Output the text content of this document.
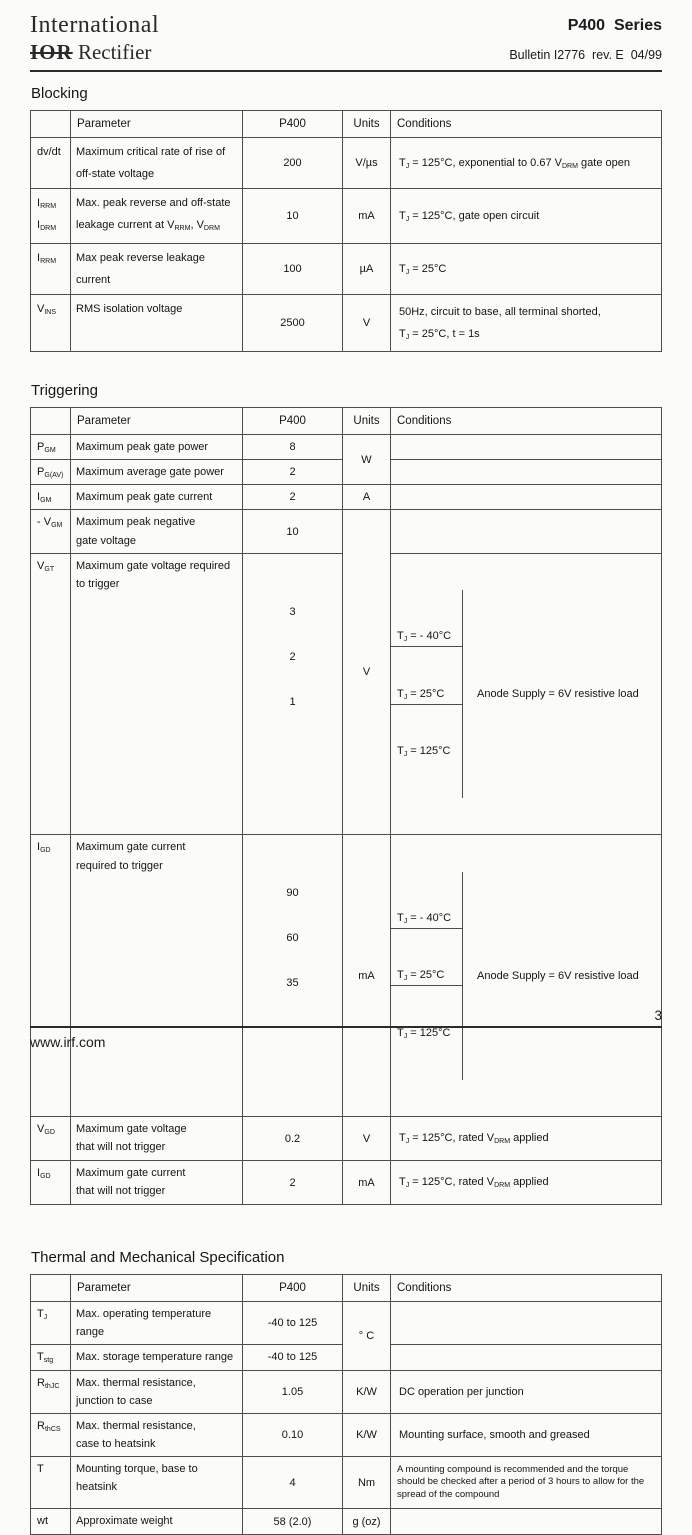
International
IOR Rectifier
P400  Series
Bulletin I2776  rev. E  04/99
Blocking
	Parameter	P400	Units	Conditions
dv/dt	Maximum critical rate of rise of
off-state voltage	200	V/µs	$T_J = 125^\circ C$, exponential to 0.67 $V_{DRM}$ gate open
$I_{RRM}$
$I_{DRM}$	Max. peak reverse and off-state
leakage current at $V_{RRM}$, $V_{DRM}$	10	mA	$T_J = 125^\circ C$, gate open circuit
$I_{RRM}$	Max peak reverse leakage current	100	µA	$T_J = 25^\circ C$
$V_{INS}$	RMS isolation voltage	2500	V	50Hz, circuit to base, all terminal shorted,
$T_J = 25^\circ C$, t = 1s
Triggering
	Parameter	P400	Units	Conditions
$P_{GM}$	Maximum peak gate power	8	W	
$P_{G(AV)}$	Maximum average gate power	2		
$I_{GM}$	Maximum peak gate current	2	A	
- $V_{GM}$	Maximum peak negative
gate voltage	10	V	
$V_{GT}$	Maximum gate voltage required
to trigger	

3

2

1

$T_J$ = - 40°C

$T_J = 25^\circ C$

$T_J = 125^\circ C$

Anode Supply = 6V resistive load

$I_{GD}$	Maximum gate current
required to trigger	

90

60

35

	mA	

$T_J$ = - 40°C

$T_J = 25^\circ C$

$T_J = 125^\circ C$

Anode Supply = 6V resistive load

$V_{GD}$	Maximum gate voltage
that will not trigger	0.2	V	$T_J = 125^\circ C$, rated $V_{DRM}$ applied
$I_{GD}$	Maximum gate current
that will not trigger	2	mA	$T_J = 125^\circ C$, rated $V_{DRM}$ applied
Thermal and Mechanical Specification
	Parameter	P400	Units	Conditions
$T_J$	Max. operating temperature range	-40 to 125	° C	
$T_{stg}$	Max. storage temperature range	-40 to 125		
$R_{thJC}$	Max. thermal resistance,
junction to case	1.05	K/W	DC operation per junction
$R_{thCS}$	Max. thermal resistance,
case to heatsink	0.10	K/W	Mounting surface, smooth and greased
T	Mounting torque, base to heatsink	4	Nm	A mounting compound is recommended and the torque
should be checked after a period of 3 hours to allow for the
spread of the compound
wt	Approximate weight	58 (2.0)	g (oz)	
3
www.irf.com
